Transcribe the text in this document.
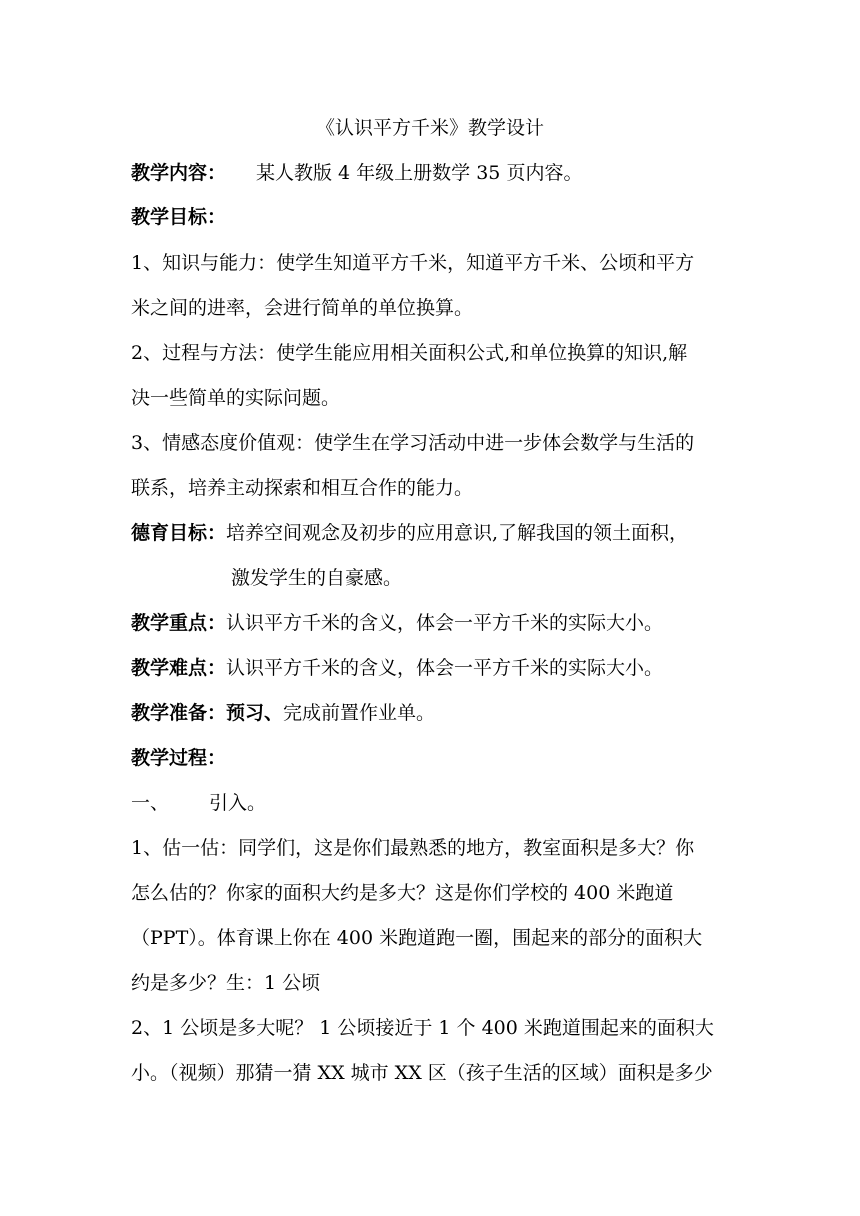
《认识平方千米》教学设计
教学内容： 某人教版 4 年级上册数学 35 页内容。
教学目标：
1、知识与能力：使学生知道平方千米，知道平方千米、公顷和平方
米之间的进率，会进行简单的单位换算。
2、过程与方法：使学生能应用相关面积公式,和单位换算的知识,解
决一些简单的实际问题。
3、情感态度价值观：使学生在学习活动中进一步体会数学与生活的
联系，培养主动探索和相互合作的能力。
德育目标：培养空间观念及初步的应用意识,了解我国的领土面积，
激发学生的自豪感。
教学重点：认识平方千米的含义，体会一平方千米的实际大小。
教学难点：认识平方千米的含义，体会一平方千米的实际大小。
教学准备：预习、完成前置作业单。
教学过程：
一、 引入。
1、估一估：同学们，这是你们最熟悉的地方，教室面积是多大？你
怎么估的？你家的面积大约是多大？这是你们学校的 400 米跑道
（PPT）。体育课上你在 400 米跑道跑一圈，围起来的部分的面积大
约是多少？生：1 公顷
2、1 公顷是多大呢？ 1 公顷接近于 1 个 400 米跑道围起来的面积大
小。（视频）那猜一猜 XX 城市 XX 区（孩子生活的区域）面积是多少
